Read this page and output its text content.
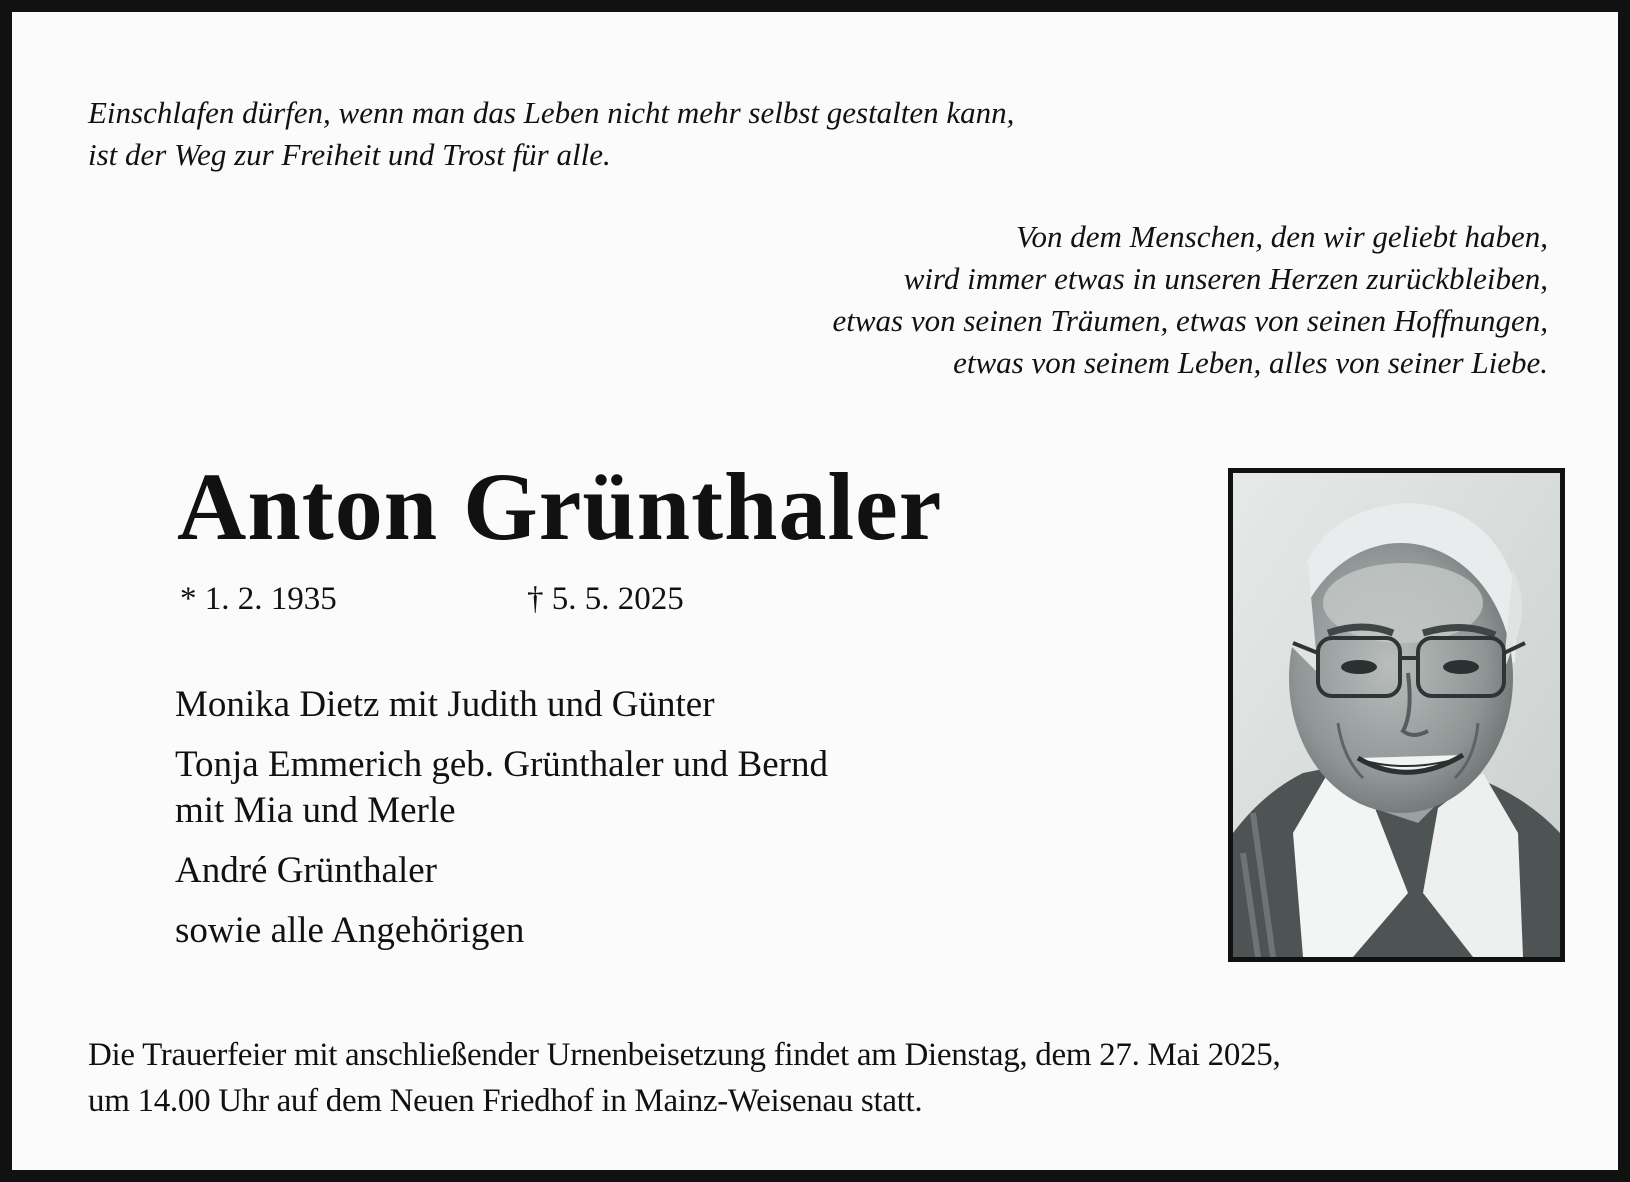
Einschlafen dürfen, wenn man das Leben nicht mehr selbst gestalten kann,
ist der Weg zur Freiheit und Trost für alle.
Von dem Menschen, den wir geliebt haben,
wird immer etwas in unseren Herzen zurückbleiben,
etwas von seinen Träumen, etwas von seinen Hoffnungen,
etwas von seinem Leben, alles von seiner Liebe.
Anton Grünthaler
* 1. 2. 1935	† 5. 5. 2025
Monika Dietz mit Judith und Günter
Tonja Emmerich geb. Grünthaler und Bernd
mit Mia und Merle
André Grünthaler
sowie alle Angehörigen
Die Trauerfeier mit anschließender Urnenbeisetzung findet am Dienstag, dem 27. Mai 2025,
um 14.00 Uhr auf dem Neuen Friedhof in Mainz-Weisenau statt.
